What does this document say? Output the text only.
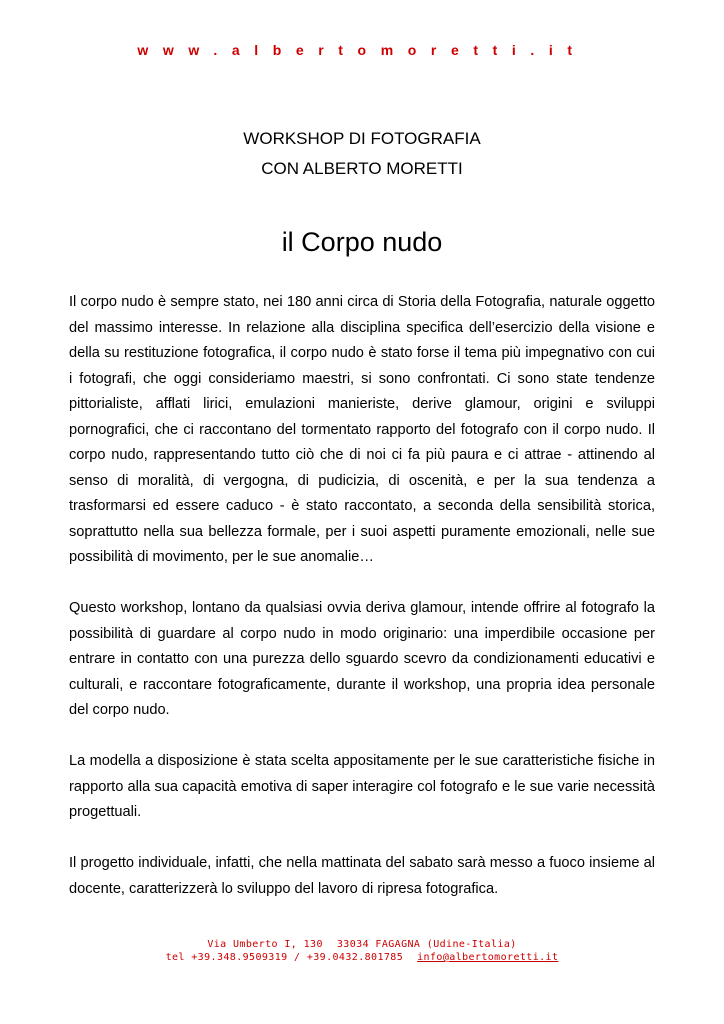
www.albertomoretti.it

WORKSHOP DI FOTOGRAFIA

CON ALBERTO MORETTI

il Corpo nudo

Il corpo nudo è sempre stato, nei 180 anni circa di Storia della Fotografia, naturale oggetto del massimo interesse. In relazione alla disciplina specifica dell’esercizio della visione e della su restituzione fotografica, il corpo nudo è stato forse il tema più impegnativo con cui i fotografi, che oggi consideriamo maestri, si sono confrontati. Ci sono state tendenze pittorialiste, afflati lirici, emulazioni manieriste, derive glamour, origini e sviluppi pornografici, che ci raccontano del tormentato rapporto del fotografo con il corpo nudo. Il corpo nudo, rappresentando tutto ciò che di noi ci fa più paura e ci attrae - attinendo al senso di moralità, di vergogna, di pudicizia, di oscenità, e per la sua tendenza a trasformarsi ed essere caduco - è stato raccontato, a seconda della sensibilità storica, soprattutto nella sua bellezza formale, per i suoi aspetti puramente emozionali, nelle sue possibilità di movimento, per le sue anomalie…

Questo workshop, lontano da qualsiasi ovvia deriva glamour, intende offrire al fotografo la possibilità di guardare al corpo nudo in modo originario: una imperdibile occasione per entrare in contatto con una purezza dello sguardo scevro da condizionamenti educativi e culturali, e raccontare fotograficamente, durante il workshop, una propria idea personale del corpo nudo.

La modella a disposizione è stata scelta appositamente per le sue caratteristiche fisiche in rapporto alla sua capacità emotiva di saper interagire col fotografo e le sue varie necessità progettuali.

Il progetto individuale, infatti, che nella mattinata del sabato sarà messo a fuoco insieme al docente, caratterizzerà lo sviluppo del lavoro di ripresa fotografica.

Via Umberto I, 130 33034 FAGAGNA (Udine-Italia)
tel +39.348.9509319 / +39.0432.801785 info@albertomoretti.it
